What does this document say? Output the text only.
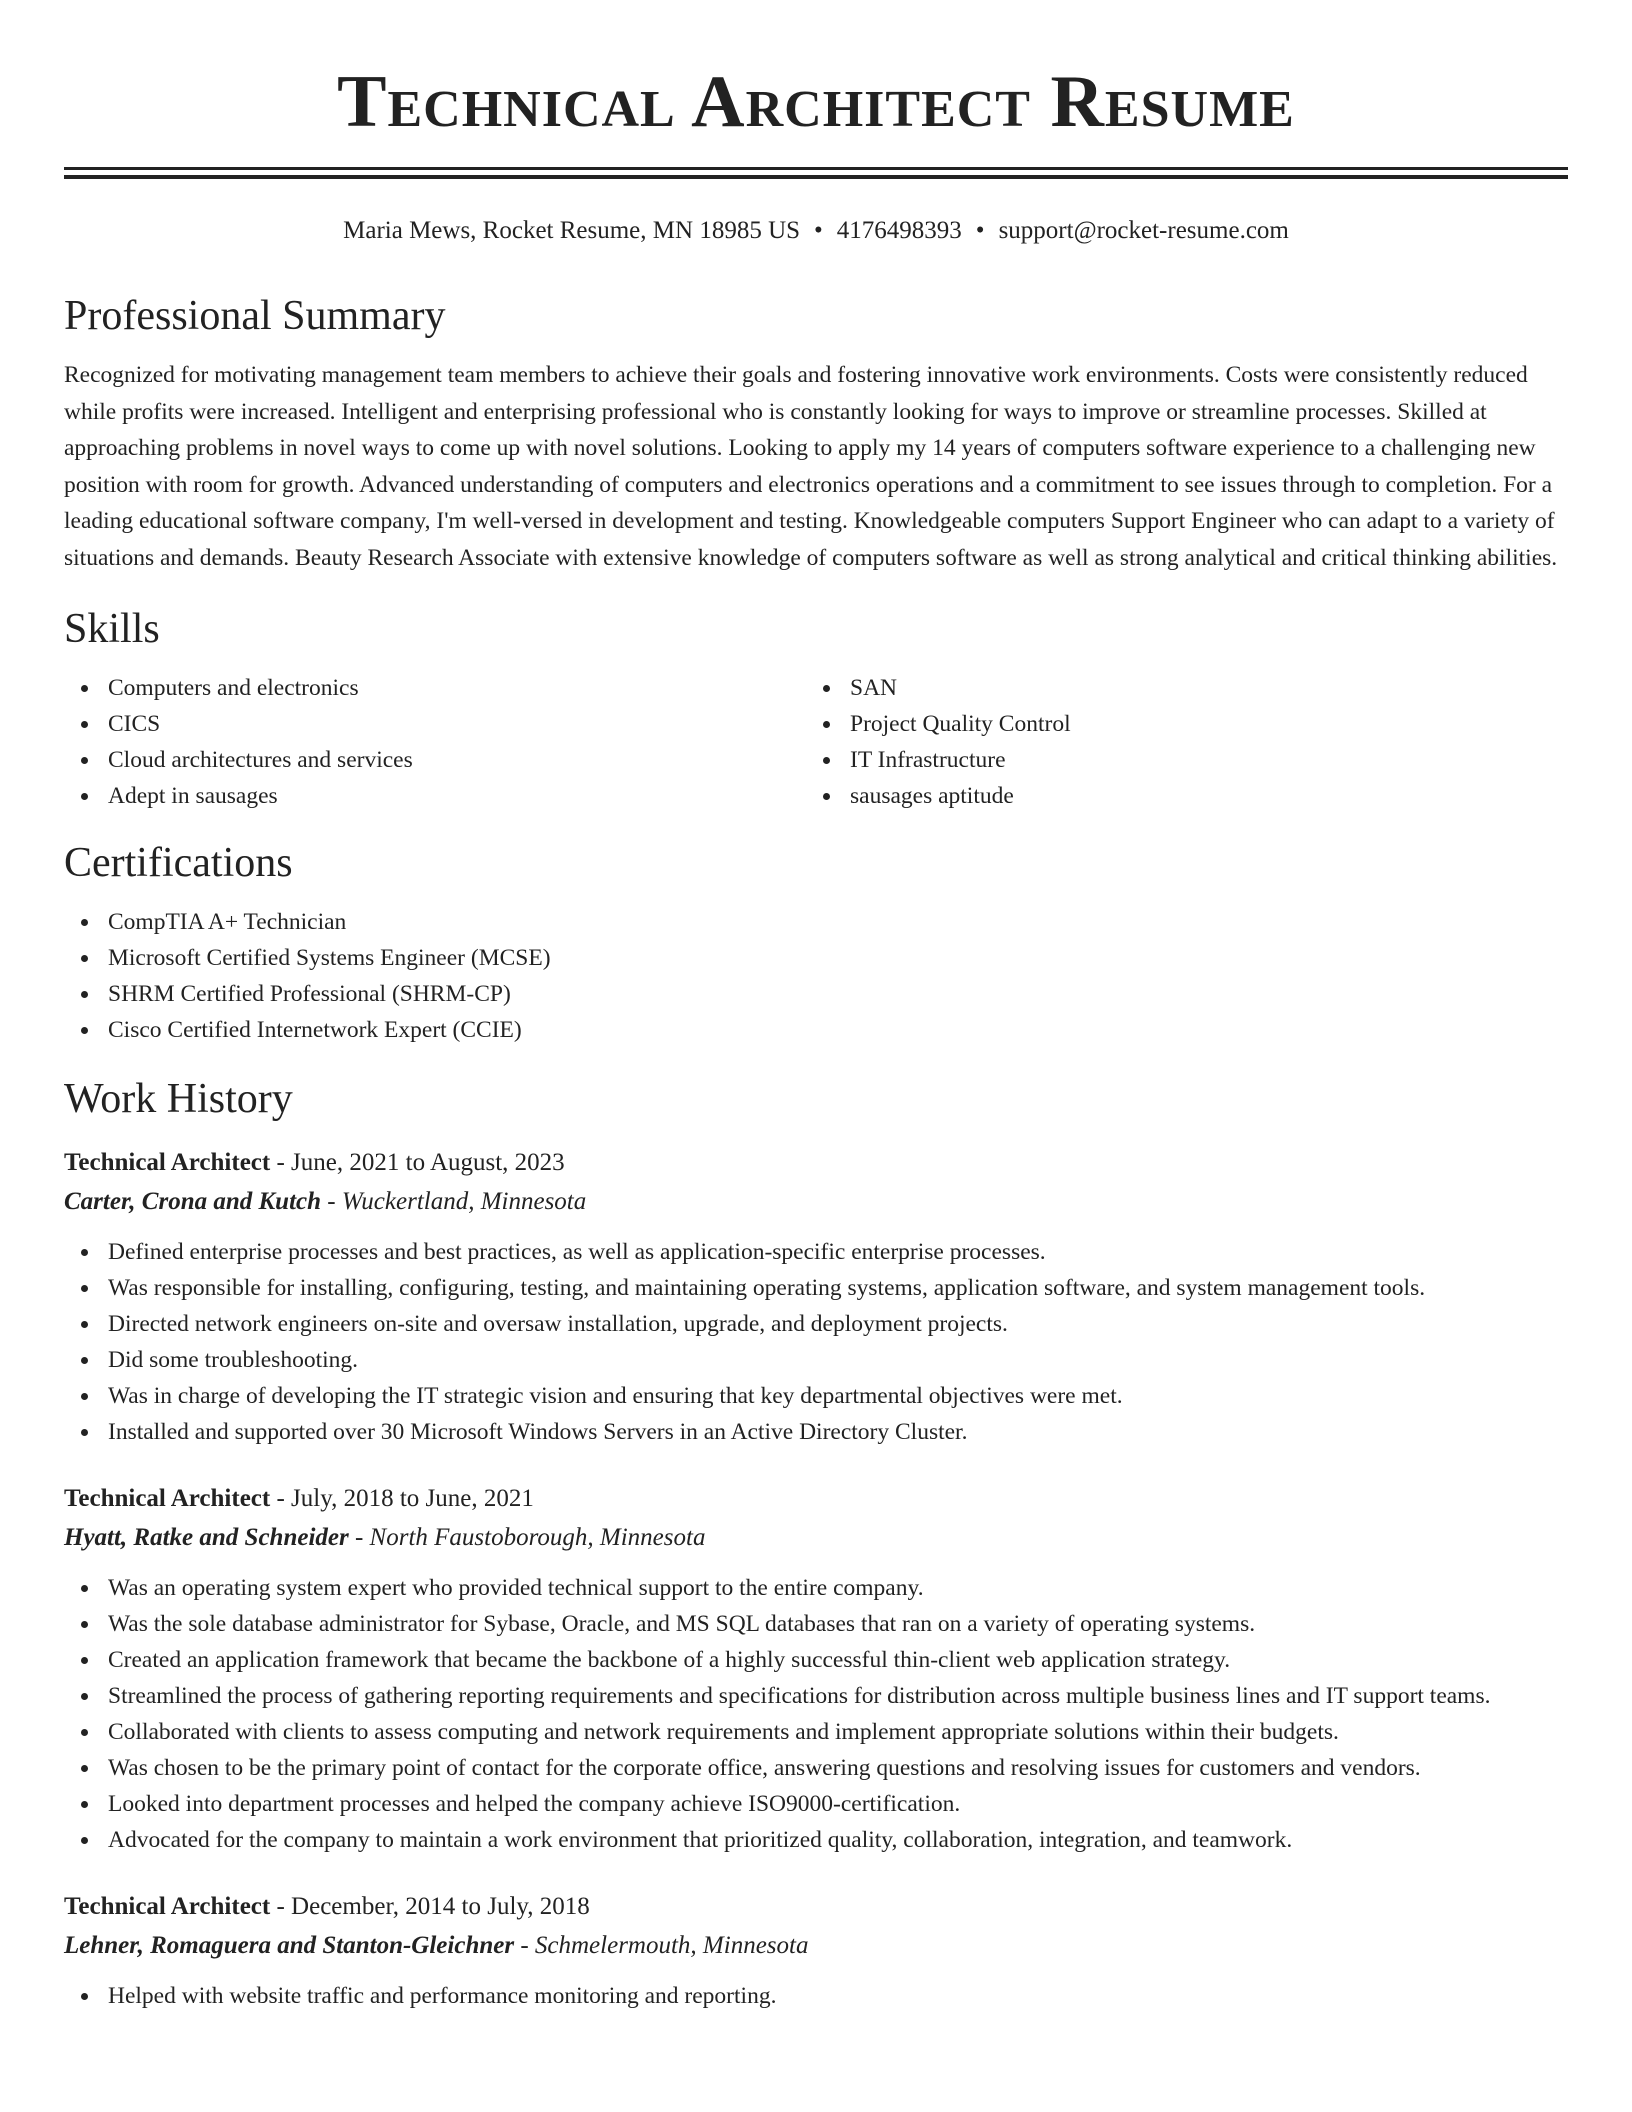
Technical Architect Resume
Maria Mews, Rocket Resume, MN 18985 US • 4176498393 • support@rocket-resume.com
Professional Summary

Recognized for motivating management team members to achieve their goals and fostering innovative work environments. Costs were consistently reduced while profits were increased. Intelligent and enterprising professional who is constantly looking for ways to improve or streamline processes. Skilled at approaching problems in novel ways to come up with novel solutions. Looking to apply my 14 years of computers software experience to a challenging new position with room for growth. Advanced understanding of computers and electronics operations and a commitment to see issues through to completion. For a leading educational software company, I'm well-versed in development and testing. Knowledgeable computers Support Engineer who can adapt to a variety of situations and demands. Beauty Research Associate with extensive knowledge of computers software as well as strong analytical and critical thinking abilities.

Skills
Computers and electronics
CICS
Cloud architectures and services
Adept in sausages
SAN
Project Quality Control
IT Infrastructure
sausages aptitude
Certifications
CompTIA A+ Technician
Microsoft Certified Systems Engineer (MCSE)
SHRM Certified Professional (SHRM-CP)
Cisco Certified Internetwork Expert (CCIE)
Work History
Technical Architect - June, 2021 to August, 2023
Carter, Crona and Kutch - Wuckertland, Minnesota
Defined enterprise processes and best practices, as well as application-specific enterprise processes.
Was responsible for installing, configuring, testing, and maintaining operating systems, application software, and system management tools.
Directed network engineers on-site and oversaw installation, upgrade, and deployment projects.
Did some troubleshooting.
Was in charge of developing the IT strategic vision and ensuring that key departmental objectives were met.
Installed and supported over 30 Microsoft Windows Servers in an Active Directory Cluster.
Technical Architect - July, 2018 to June, 2021
Hyatt, Ratke and Schneider - North Faustoborough, Minnesota
Was an operating system expert who provided technical support to the entire company.
Was the sole database administrator for Sybase, Oracle, and MS SQL databases that ran on a variety of operating systems.
Created an application framework that became the backbone of a highly successful thin-client web application strategy.
Streamlined the process of gathering reporting requirements and specifications for distribution across multiple business lines and IT support teams.
Collaborated with clients to assess computing and network requirements and implement appropriate solutions within their budgets.
Was chosen to be the primary point of contact for the corporate office, answering questions and resolving issues for customers and vendors.
Looked into department processes and helped the company achieve ISO9000-certification.
Advocated for the company to maintain a work environment that prioritized quality, collaboration, integration, and teamwork.
Technical Architect - December, 2014 to July, 2018
Lehner, Romaguera and Stanton-Gleichner - Schmelermouth, Minnesota
Helped with website traffic and performance monitoring and reporting.
